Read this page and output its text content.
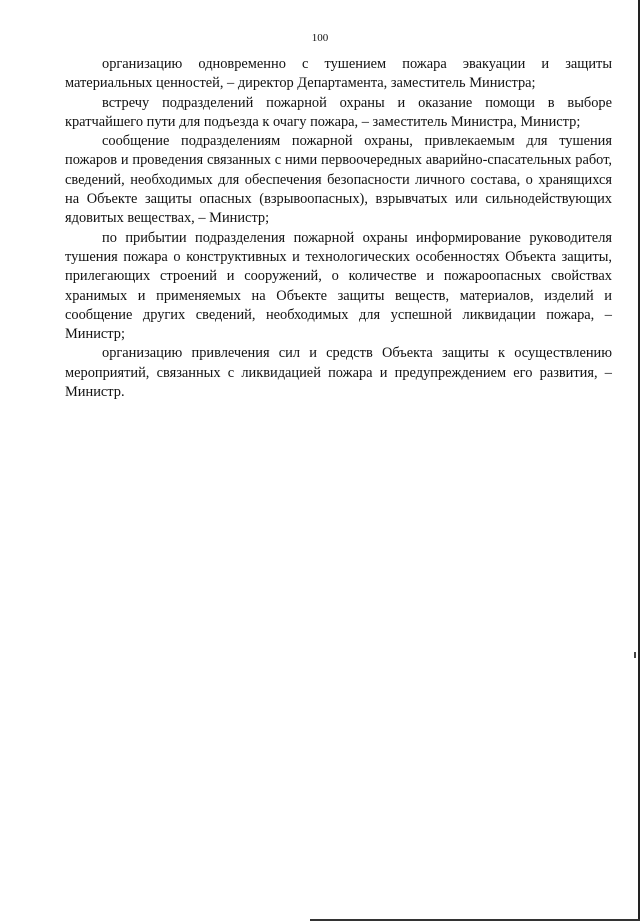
100

организацию одновременно с тушением пожара эвакуации и защиты материальных ценностей, – директор Департамента, заместитель Министра;

встречу подразделений пожарной охраны и оказание помощи в выборе кратчайшего пути для подъезда к очагу пожара, – заместитель Министра, Министр;

сообщение подразделениям пожарной охраны, привлекаемым для тушения пожаров и проведения связанных с ними первоочередных аварийно-спасательных работ, сведений, необходимых для обеспечения безопасности личного состава, о хранящихся на Объекте защиты опасных (взрывоопасных), взрывчатых или сильнодействующих ядовитых веществах, – Министр;

по прибытии подразделения пожарной охраны информирование руководителя тушения пожара о конструктивных и технологических особенностях Объекта защиты, прилегающих строений и сооружений, о количестве и пожароопасных свойствах хранимых и применяемых на Объекте защиты веществ, материалов, изделий и сообщение других сведений, необходимых для успешной ликвидации пожара, – Министр;

организацию привлечения сил и средств Объекта защиты к осуществлению мероприятий, связанных с ликвидацией пожара и предупреждением его развития, – Министр.
